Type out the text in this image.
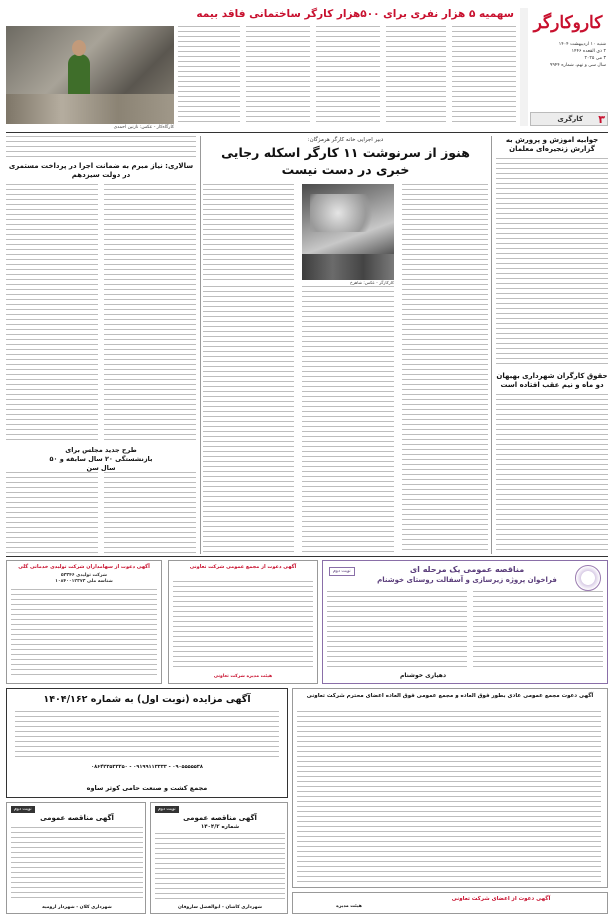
کاروکارگر
شنبه ۱۰ اردیبهشت ۱۴۰۴
۲ ذی القعده ۱۴۴۶
۳ می ۲۰۲۵
سال سی و نهم، شماره ۹۹۴۴
۳
کارگری
سهمیه ۵ هزار نفری برای ۵۰۰هزار کارگر ساختمانی فاقد بیمه
کارگاه‌کار - عکس: نازنین احمدی
جوابیه آموزش و پرورش به گزارش زنجیره‌ای معلمان
حقوق کارگران شهرداری بهبهان دو ماه و نیم عقب افتاده است
دبیر اجرایی خانه کارگر هرمزگان:
هنوز از سرنوشت ۱۱ کارگر اسکله رجایی خبری در دست نیست
کارکارگر - عکس: شاهرخ
سالاری: نیاز مبرم به ضمانت اجرا در پرداخت مستمری در دولت سیزدهم
طرح جدید مجلس برای بازنشستگی ۲۰ سال سابقه و ۵۰ سال سن
نوبت دوم	مناقصه عمومی یک مرحله ای
فراخوان پروژه زیرسازی و آسفالت روستای خوشنام
دهیاری خوشنام
آگهی دعوت از مجمع عمومی شرکت تعاونی
هیئت مدیره شرکت تعاونی
آگهی دعوت از سهامداران شرکت تولیدی خدماتی گلی
شرکت تولیدی ۵۳۳۴۶
شناسه ملی ۱۰۸۴۰۰۱۲۳۷۳
آگهی مزایده (نوبت اول) به شماره ۱۴۰۴/۱۶۲
۰۹۰۵۵۵۵۵۳۸ - ۰۹۱۹۹۱۱۳۳۳۳ - ۰۸۶۴۲۳۵۳۳۲۵۰
مجمع کشت و صنعت حامی کوثر ساوه
آگهی دعوت مجمع عمومی عادی بطور فوق العاده و مجمع عمومی فوق العاده اعضای محترم شرکت تعاونی
نوبت دوم
آگهی مناقصه عمومی
شهرداری کلان - شهردار ارومیه
نوبت دوم
آگهی مناقصه عمومی
شماره ۱۴۰۴/۲
شهرداری کاشان - ابوالفضل ساروقان
آگهی دعوت از اعضای شرکت تعاونی
هیئت مدیره
